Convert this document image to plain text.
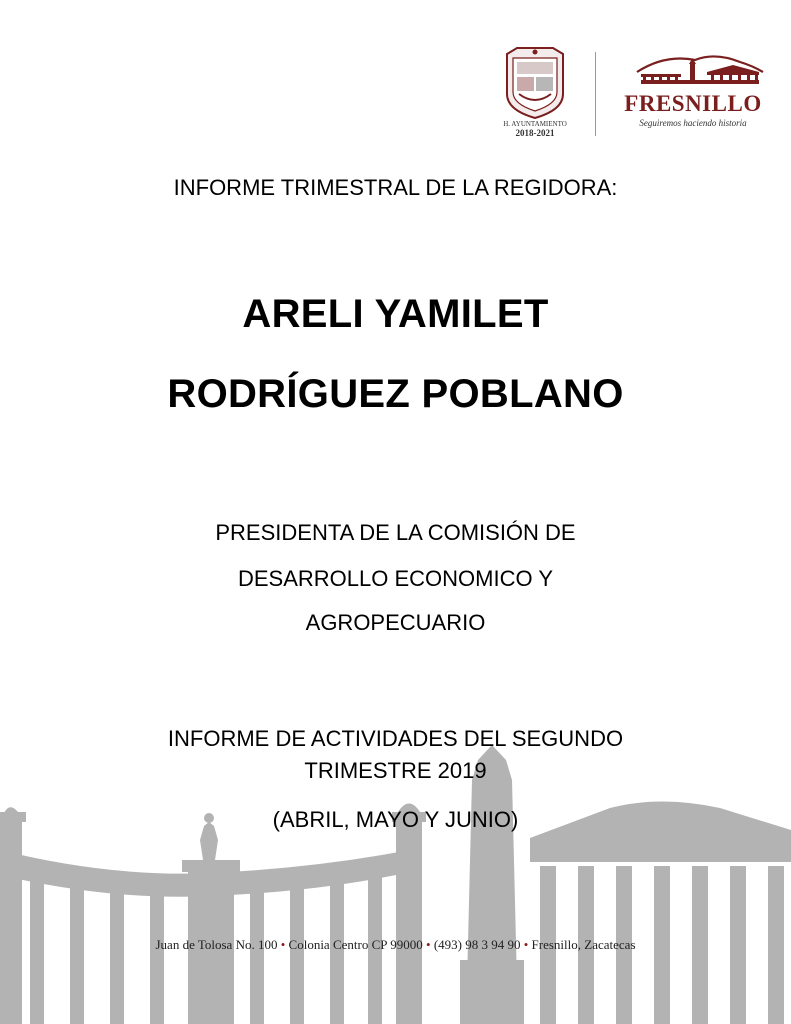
H. AYUNTAMIENTO
2018-2021
FRESNILLO
Seguiremos haciendo historia
INFORME TRIMESTRAL DE LA REGIDORA:
ARELI YAMILET
RODRÍGUEZ POBLANO
PRESIDENTA DE LA COMISIÓN DE
DESARROLLO ECONOMICO Y
AGROPECUARIO
INFORME DE ACTIVIDADES DEL SEGUNDO
TRIMESTRE 2019
(ABRIL, MAYO Y JUNIO)
Juan de Tolosa No. 100 • Colonia Centro CP 99000 • (493) 98 3 94 90 • Fresnillo, Zacatecas
